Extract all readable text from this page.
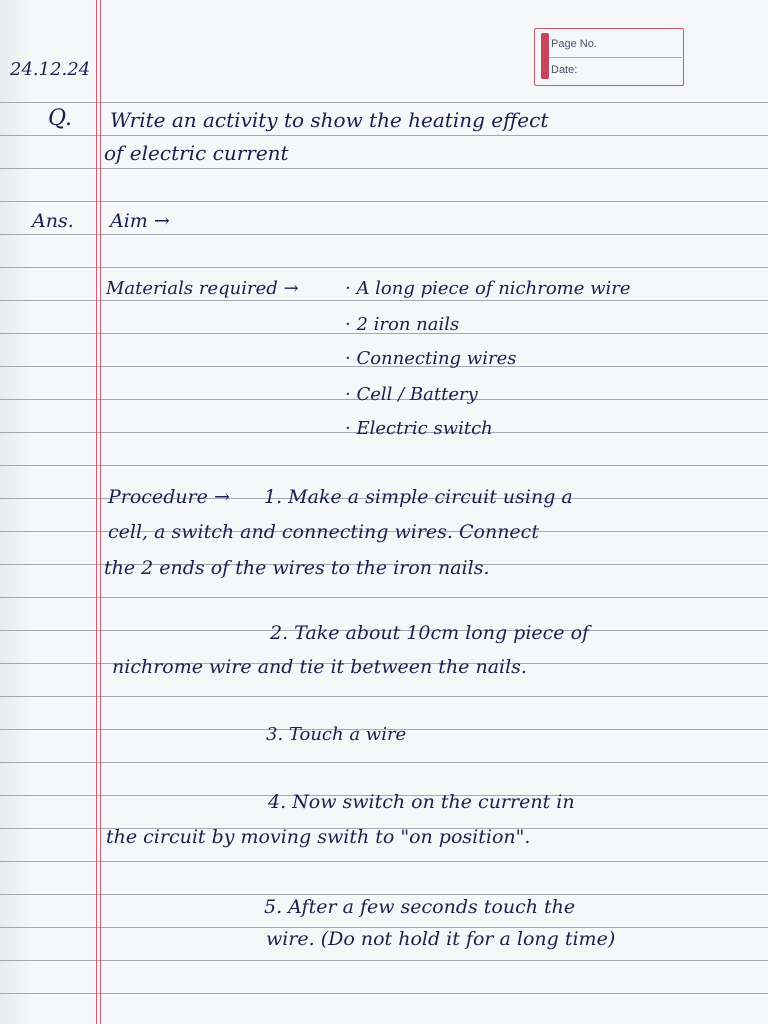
Page No.
Date:
24.12.24
Q. Write an activity to show the heating effect
of electric current
Ans. Aim →
Materials required →	· A long piece of nichrome wire
· 2 iron nails
· Connecting wires
· Cell / Battery
· Electric switch
Procedure → 1. Make a simple circuit using a
cell, a switch and connecting wires. Connect
the 2 ends of the wires to the iron nails.
2. Take about 10cm long piece of
nichrome wire and tie it between the nails.
3. Touch a wire
4. Now switch on the current in
the circuit by moving swith to "on position".
5. After a few seconds touch the
wire. (Do not hold it for a long time)
